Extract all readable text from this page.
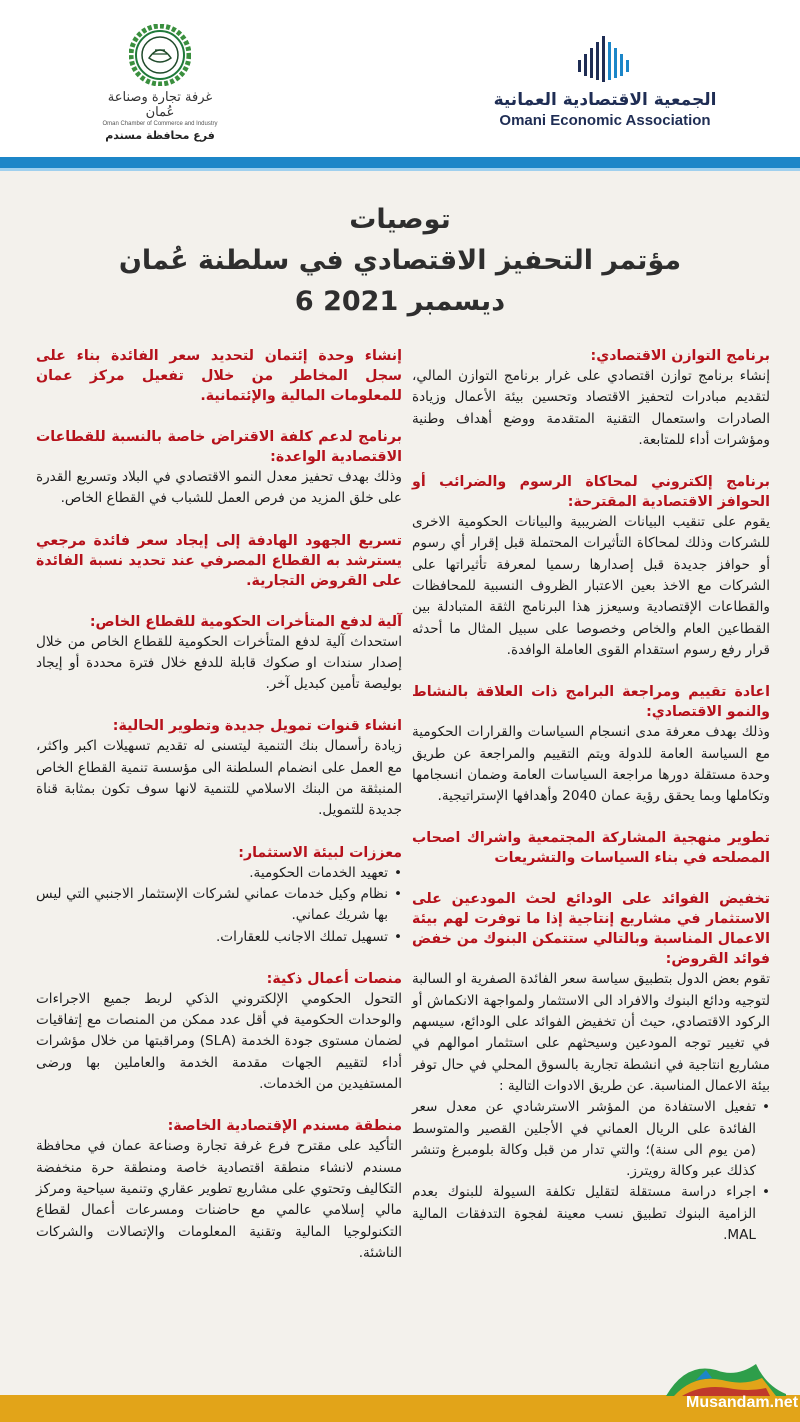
غرفة تجارة وصناعة عُمان
Oman Chamber of Commerce and Industry
فرع محافظة مسندم
الجمعية الاقتصادية العمانية
Omani Economic Association
توصيات
مؤتمر التحفيز الاقتصادي في سلطنة عُمان
6 ديسمبر 2021
برنامج التوازن الاقتصادي:

إنشاء برنامج توازن اقتصادي على غرار برنامج التوازن المالي، لتقديم مبادرات لتحفيز الاقتصاد وتحسين بيئة الأعمال وزيادة الصادرات واستعمال التقنية المتقدمة ووضع أهداف وطنية ومؤشرات أداء للمتابعة.

برنامج إلكتروني لمحاكاة الرسوم والضرائب أو الحوافز الاقتصادية المقترحة:

يقوم على تنقيب البيانات الضريبية والبيانات الحكومية الاخرى للشركات وذلك لمحاكاة التأثيرات المحتملة قبل إقرار أي رسوم أو حوافز جديدة قبل إصدارها رسميا لمعرفة تأثيراتها على الشركات مع الاخذ بعين الاعتبار الظروف النسبية للمحافظات والقطاعات الإقتصادية وسيعزز هذا البرنامج الثقة المتبادلة بين القطاعين العام والخاص وخصوصا على سبيل المثال ما أحدثه قرار رفع رسوم استقدام القوى العاملة الوافدة.

اعادة تقييم ومراجعة البرامج ذات العلاقة بالنشاط والنمو الاقتصادي:

وذلك بهدف معرفة مدى انسجام السياسات والقرارات الحكومية مع السياسة العامة للدولة ويتم التقييم والمراجعة عن طريق وحدة مستقلة دورها مراجعة السياسات العامة وضمان انسجامها وتكاملها وبما يحقق رؤية عمان 2040 وأهدافها الإستراتيجية.

تطوير منهجية المشاركة المجتمعية واشراك اصحاب المصلحه في بناء السياسات والتشريعات
تخفيض الفوائد على الودائع لحث المودعين على الاستثمار في مشاريع إنتاجية إذا ما توفرت لهم بيئة الاعمال المناسبة وبالتالي ستتمكن البنوك من خفض فوائد القروض:

تقوم بعض الدول بتطبيق سياسة سعر الفائدة الصفرية او السالبة لتوجيه ودائع البنوك والافراد الى الاستثمار ولمواجهة الانكماش أو الركود الاقتصادي، حيث أن تخفيض الفوائد على الودائع، سيسهم في تغيير توجه المودعين وسيحثهم على استثمار اموالهم في مشاريع انتاجية في انشطة تجارية بالسوق المحلي في حال توفر بيئة الاعمال المناسبة. عن طريق الادوات التالية :

• تفعيل الاستفادة من المؤشر الاسترشادي عن معدل سعر الفائدة على الريال العماني في الأجلين القصير والمتوسط (من يوم الى سنة)؛ والتي تدار من قبل وكالة بلومبرغ وتنشر كذلك عبر وكالة رويترز.
• اجراء دراسة مستقلة لتقليل تكلفة السيولة للبنوك بعدم الزامية البنوك تطبيق نسب معينة لفجوة التدفقات المالية MAL.
إنشاء وحدة إئتمان لتحديد سعر الفائدة بناء على سجل المخاطر من خلال تفعيل مركز عمان للمعلومات المالية والإئتمانية.
برنامج لدعم كلفة الاقتراض خاصة بالنسبة للقطاعات الاقتصادية الواعدة:

وذلك بهدف تحفيز معدل النمو الاقتصادي في البلاد وتسريع القدرة على خلق المزيد من فرص العمل للشباب في القطاع الخاص.

تسريع الجهود الهادفة إلى إيجاد سعر فائدة مرجعي يسترشد به القطاع المصرفي عند تحديد نسبة الفائدة على القروض التجارية.
آلية لدفع المتأخرات الحكومية للقطاع الخاص:

استحداث آلية لدفع المتأخرات الحكومية للقطاع الخاص من خلال إصدار سندات او صكوك قابلة للدفع خلال فترة محددة أو إيجاد بوليصة تأمين كبديل آخر.

انشاء قنوات تمويل جديدة وتطوير الحالية:

زيادة رأسمال بنك التنمية ليتسنى له تقديم تسهيلات اكبر واكثر، مع العمل على انضمام السلطنة الى مؤسسة تنمية القطاع الخاص المنبثقة من البنك الاسلامي للتنمية لانها سوف تكون بمثابة قناة جديدة للتمويل.

معززات لبيئة الاستثمار:
• تعهيد الخدمات الحكومية.
• نظام وكيل خدمات عماني لشركات الإستثمار الاجنبي التي ليس بها شريك عماني.
• تسهيل تملك الاجانب للعقارات.
منصات أعمال ذكية:

التحول الحكومي الإلكتروني الذكي لربط جميع الاجراءات والوحدات الحكومية في أقل عدد ممكن من المنصات مع إتفاقيات لضمان مستوى جودة الخدمة (SLA) ومراقبتها من خلال مؤشرات أداء لتقييم الجهات مقدمة الخدمة والعاملين بها ورضى المستفيدين من الخدمات.

منطقة مسندم الإقتصادية الخاصة:

التأكيد على مقترح فرع غرفة تجارة وصناعة عمان في محافظة مسندم لانشاء منطقة اقتصادية خاصة ومنطقة حرة منخفضة التكاليف وتحتوي على مشاريع تطوير عقاري وتنمية سياحية ومركز مالي إسلامي عالمي مع حاضنات ومسرعات أعمال لقطاع التكنولوجيا المالية وتقنية المعلومات والإتصالات والشركات الناشئة.

Musandam.net
